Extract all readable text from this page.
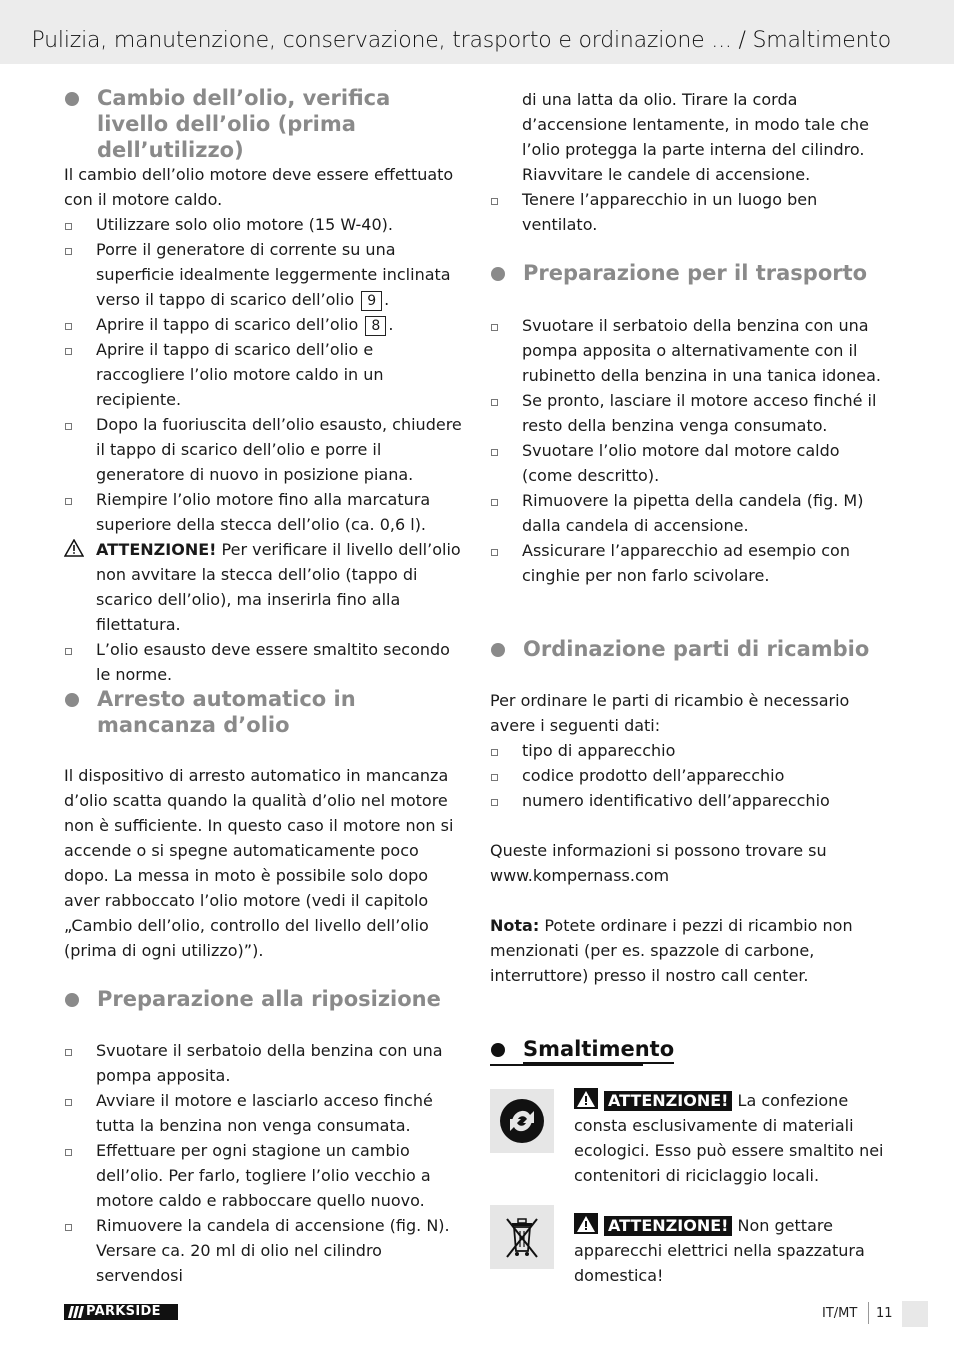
Pulizia, manutenzione, conservazione, trasporto e ordinazione ... / Smaltimento
Cambio dell’olio, verifica livello dell’olio (prima dell’utilizzo)
Il cambio dell’olio motore deve essere effettuato con il motore caldo.
Utilizzare solo olio motore (15 W-40).
Porre il generatore di corrente su una superficie idealmente leggermente inclinata verso il tappo di scarico dell’olio 9 .
Aprire il tappo di scarico dell’olio 8 .
Aprire il tappo di scarico dell’olio e raccogliere l’olio motore caldo in un recipiente.
Dopo la fuoriuscita dell’olio esausto, chiudere il tappo di scarico dell’olio e porre il generatore di nuovo in posizione piana.
Riempire l’olio motore fino alla marcatura superiore della stecca dell’olio (ca. 0,6 l).
ATTENZIONE! Per verificare il livello dell’olio non avvitare la stecca dell’olio (tappo di scarico dell’olio), ma inserirla fino alla filettatura.
L’olio esausto deve essere smaltito secondo le norme.
Arresto automatico in mancanza d’olio
Il dispositivo di arresto automatico in mancanza d’olio scatta quando la qualità d’olio nel motore non è sufficiente. In questo caso il motore non si accende o si spegne automaticamente poco dopo. La messa in moto è possibile solo dopo aver rabboccato l’olio motore (vedi il capitolo „Cambio dell’olio, controllo del livello dell’olio (prima di ogni utilizzo)”).
Preparazione alla riposizione
Svuotare il serbatoio della benzina con una pompa apposita.
Avviare il motore e lasciarlo acceso finché tutta la benzina non venga consumata.
Effettuare per ogni stagione un cambio dell’olio. Per farlo, togliere l’olio vecchio a motore caldo e rabboccare quello nuovo.
Rimuovere la candela di accensione (fig. N). Versare ca. 20 ml di olio nel cilindro servendosi
di una latta da olio. Tirare la corda d’accensione lentamente, in modo tale che l’olio protegga la parte interna del cilindro. Riavvitare le candele di accensione.
Tenere l’apparecchio in un luogo ben ventilato.
Preparazione per il trasporto
Svuotare il serbatoio della benzina con una pompa apposita o alternativamente con il rubinetto della benzina in una tanica idonea.
Se pronto, lasciare il motore acceso finché il resto della benzina venga consumato.
Svuotare l’olio motore dal motore caldo (come descritto).
Rimuovere la pipetta della candela (fig. M) dalla candela di accensione.
Assicurare l’apparecchio ad esempio con cinghie per non farlo scivolare.
Ordinazione parti di ricambio
Per ordinare le parti di ricambio è necessario avere i seguenti dati:
tipo di apparecchio
codice prodotto dell’apparecchio
numero identificativo dell’apparecchio
Queste informazioni si possono trovare su www.kompernass.com
Nota: Potete ordinare i pezzi di ricambio non menzionati (per es. spazzole di carbone, interruttore) presso il nostro call center.
Smaltimento
ATTENZIONE! La confezione consta esclusivamente di materiali ecologici. Esso può essere smaltito nei contenitori di riciclaggio locali.
ATTENZIONE! Non gettare apparecchi elettrici nella spazzatura domestica!
PARKSIDE	IT/MT 11
